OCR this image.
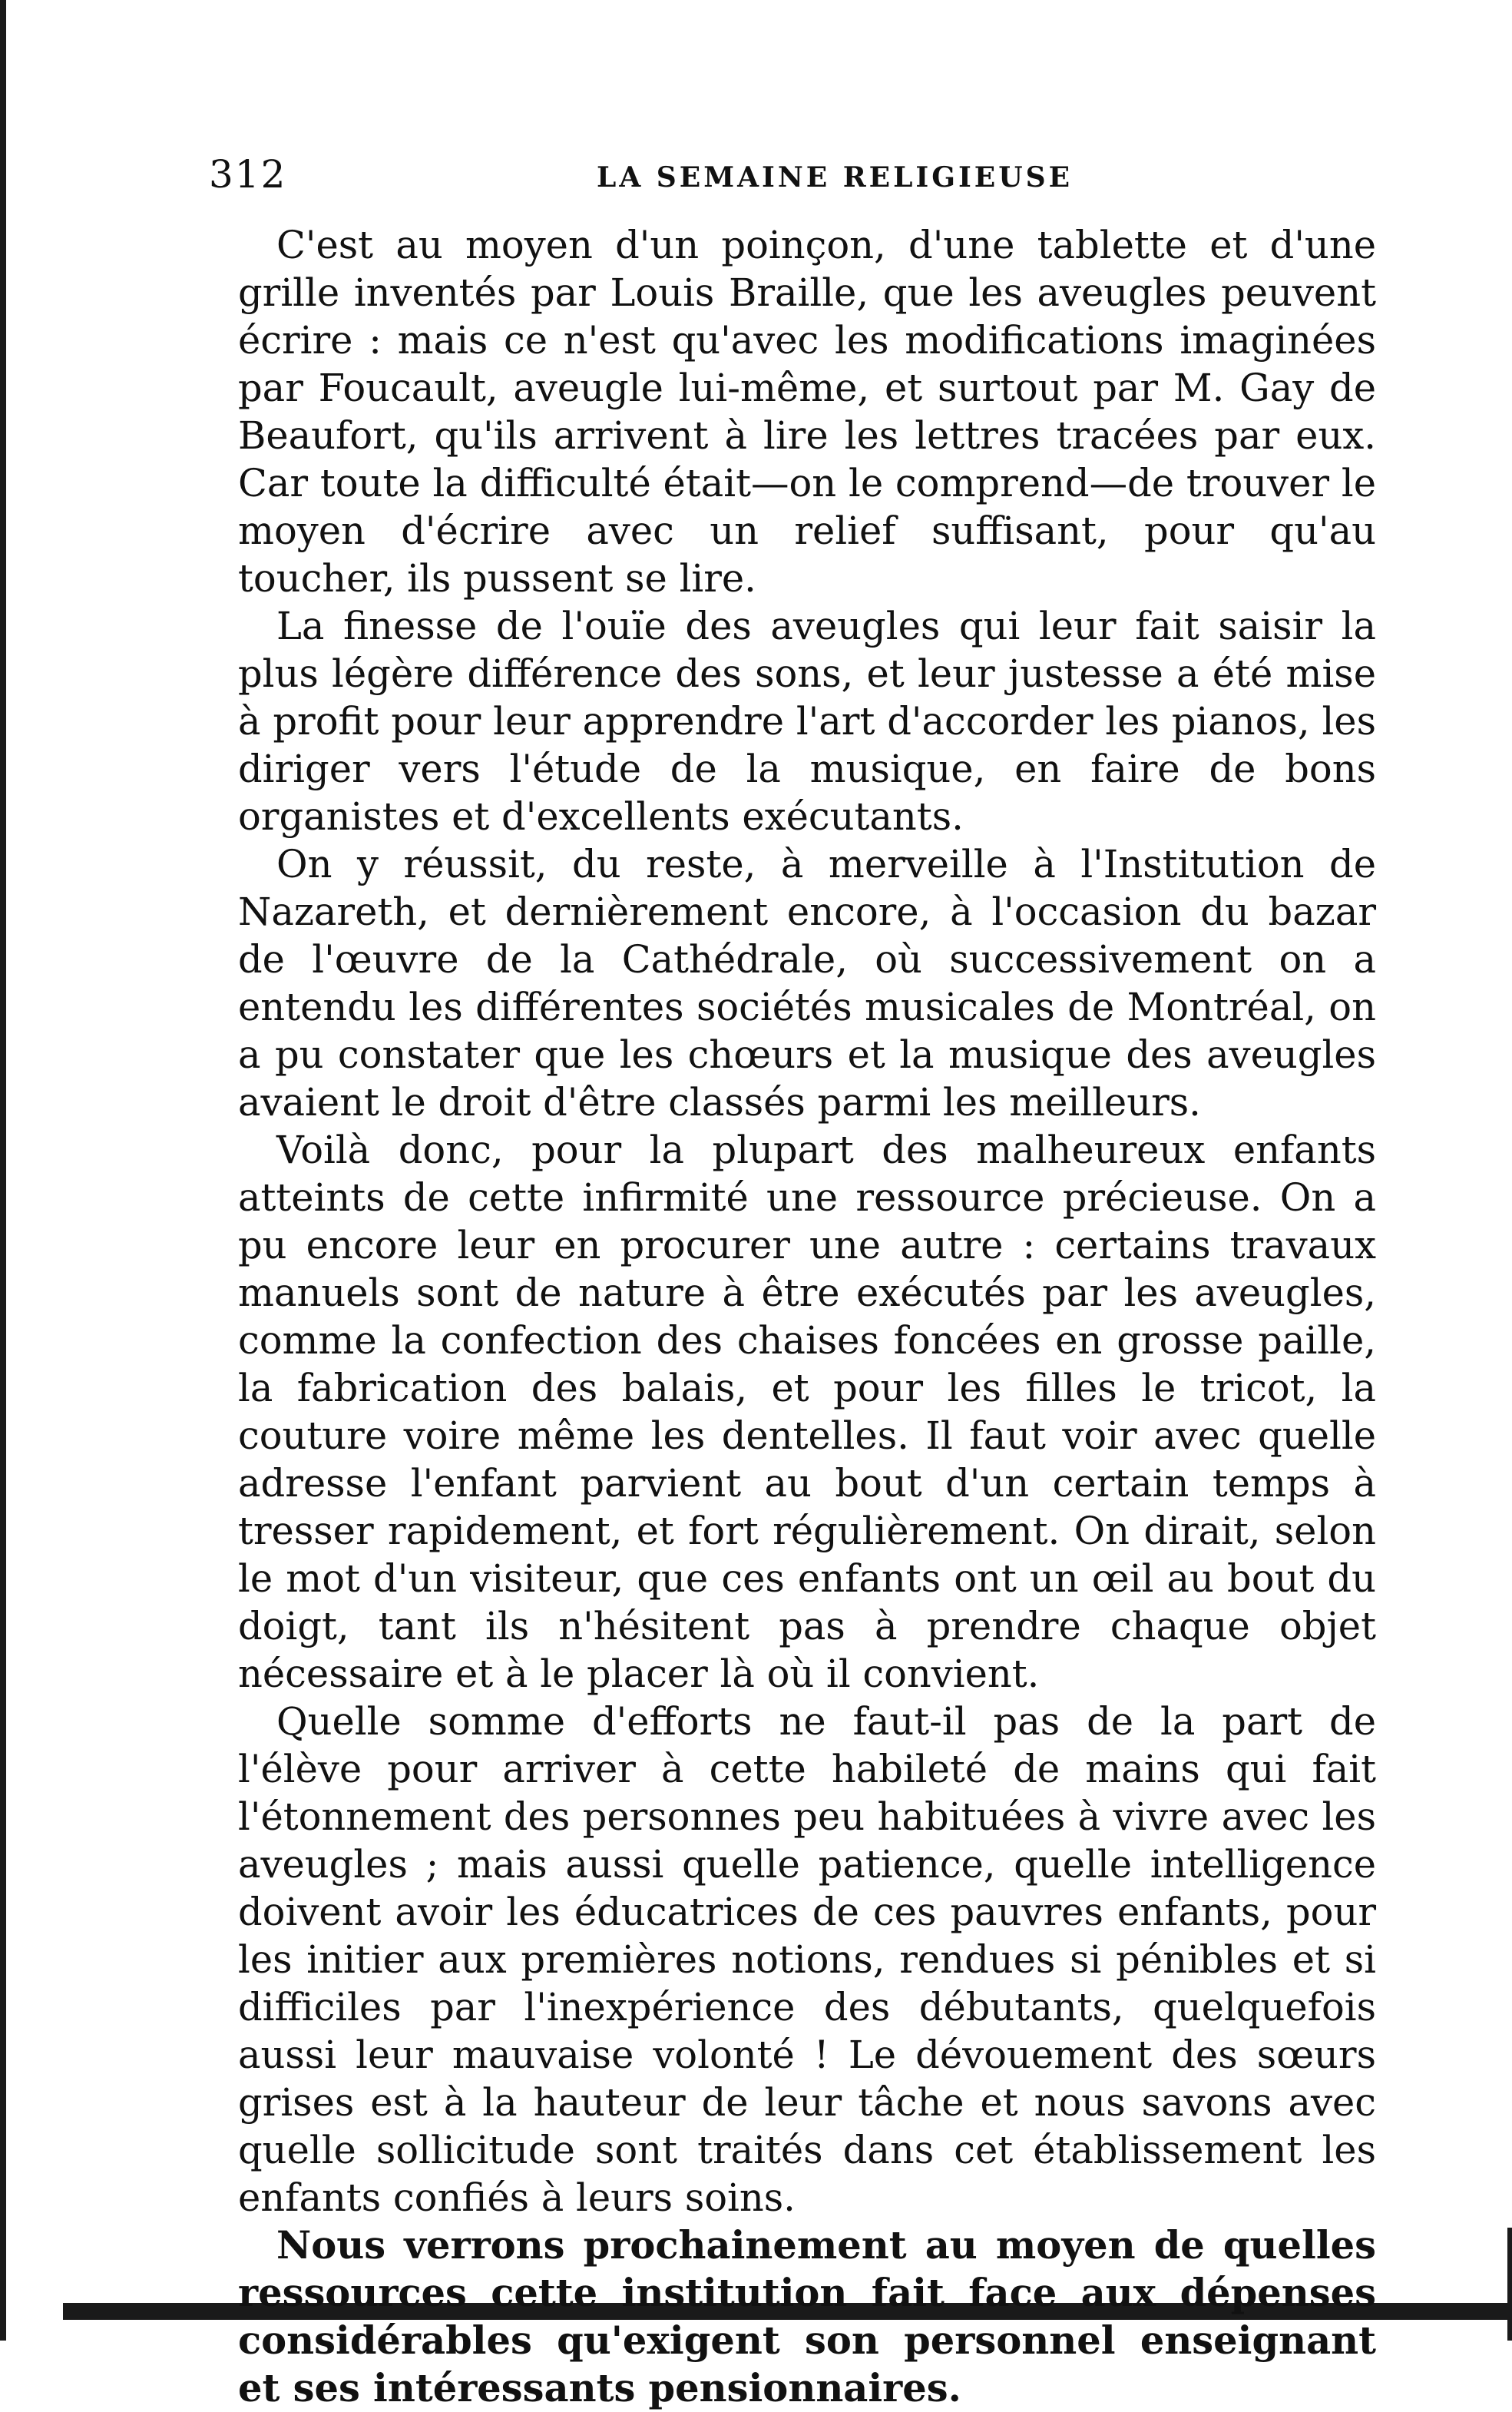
312	LA SEMAINE RELIGIEUSE

C'est au moyen d'un poinçon, d'une tablette et d'une grille inventés par Louis Braille, que les aveugles peuvent écrire : mais ce n'est qu'avec les modifications imaginées par Foucault, aveugle lui-même, et surtout par M. Gay de Beaufort, qu'ils arrivent à lire les lettres tracées par eux. Car toute la difficulté était—on le comprend—de trouver le moyen d'écrire avec un relief suffisant, pour qu'au toucher, ils pussent se lire.

La finesse de l'ouïe des aveugles qui leur fait saisir la plus légère différence des sons, et leur justesse a été mise à profit pour leur apprendre l'art d'accorder les pianos, les diriger vers l'étude de la musique, en faire de bons organistes et d'excellents exécutants.

On y réussit, du reste, à merveille à l'Institution de Nazareth, et dernièrement encore, à l'occasion du bazar de l'œuvre de la Cathédrale, où successivement on a entendu les différentes sociétés musicales de Montréal, on a pu constater que les chœurs et la musique des aveugles avaient le droit d'être classés parmi les meilleurs.

Voilà donc, pour la plupart des malheureux enfants atteints de cette infirmité une ressource précieuse. On a pu encore leur en procurer une autre : certains travaux manuels sont de nature à être exécutés par les aveugles, comme la confection des chaises foncées en grosse paille, la fabrication des balais, et pour les filles le tricot, la couture voire même les dentelles. Il faut voir avec quelle adresse l'enfant parvient au bout d'un certain temps à tresser rapidement, et fort régulièrement. On dirait, selon le mot d'un visiteur, que ces enfants ont un œil au bout du doigt, tant ils n'hésitent pas à prendre chaque objet nécessaire et à le placer là où il convient.

Quelle somme d'efforts ne faut-il pas de la part de l'élève pour arriver à cette habileté de mains qui fait l'étonnement des personnes peu habituées à vivre avec les aveugles ; mais aussi quelle patience, quelle intelligence doivent avoir les éducatrices de ces pauvres enfants, pour les initier aux premières notions, rendues si pénibles et si difficiles par l'inexpérience des débutants, quelquefois aussi leur mauvaise volonté ! Le dévouement des sœurs grises est à la hauteur de leur tâche et nous savons avec quelle sollicitude sont traités dans cet établissement les enfants confiés à leurs soins.

Nous verrons prochainement au moyen de quelles ressources cette institution fait face aux dépenses considérables qu'exigent son personnel enseignant et ses intéressants pensionnaires.
